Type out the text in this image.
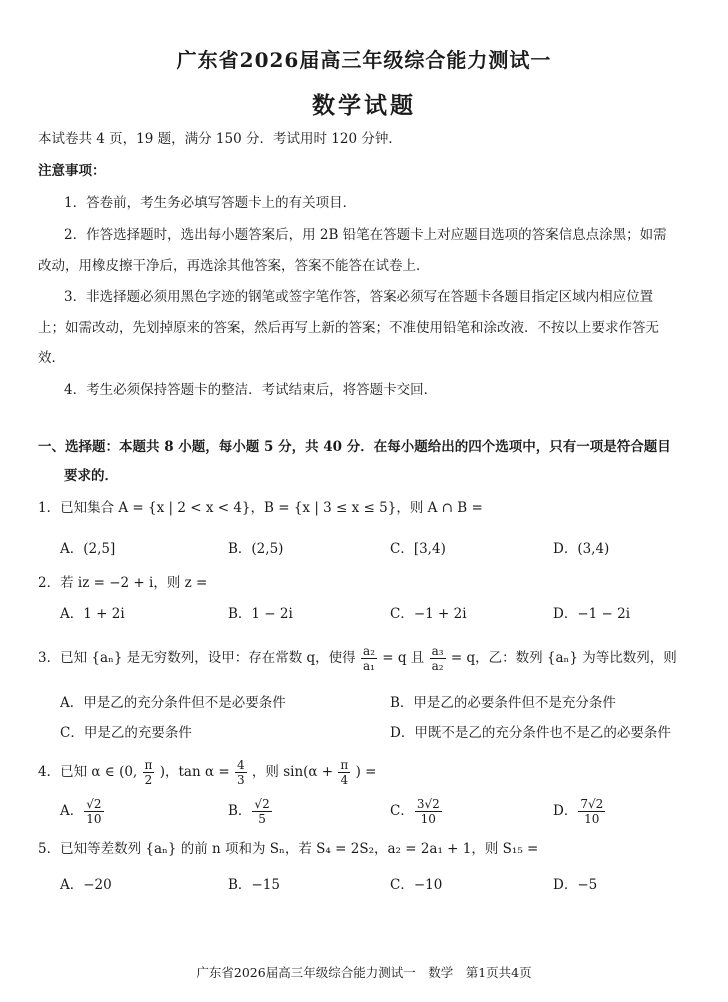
广东省2026届高三年级综合能力测试一
数学试题
本试卷共 4 页，19 题，满分 150 分．考试用时 120 分钟．
注意事项：
1．答卷前，考生务必填写答题卡上的有关项目．
2．作答选择题时，选出每小题答案后，用 2B 铅笔在答题卡上对应题目选项的答案信息点涂黑；如需
改动，用橡皮擦干净后，再选涂其他答案，答案不能答在试卷上．
3．非选择题必须用黑色字迹的钢笔或签字笔作答，答案必须写在答题卡各题目指定区域内相应位置
上；如需改动，先划掉原来的答案，然后再写上新的答案；不准使用铅笔和涂改液．不按以上要求作答无
效．
4．考生必须保持答题卡的整洁．考试结束后，将答题卡交回．
一、选择题：本题共 8 小题，每小题 5 分，共 40 分．在每小题给出的四个选项中，只有一项是符合题目
要求的．
1．已知集合 A = {x | 2 < x < 4}，B = {x | 3 ≤ x ≤ 5}，则 A ∩ B =
A．(2,5]	B．(2,5)	C．[3,4)	D．(3,4)
2．若 iz = −2 + i，则 z =
A．1 + 2i	B．1 − 2i	C．−1 + 2i	D．−1 − 2i
3．已知 {aₙ} 是无穷数列，设甲：存在常数 q，使得 $\frac{\text{a₂}}{\text{a₁}} = q$ 且 $\frac{\text{a₃}}{\text{a₂}} = q$，乙：数列 {aₙ} 为等比数列，则
A．甲是乙的充分条件但不是必要条件	B．甲是乙的必要条件但不是充分条件
C．甲是乙的充要条件	D．甲既不是乙的充分条件也不是乙的必要条件
4．已知 α ∈ (0, $\frac{\pi}{2}$ )，$\tan \alpha = \frac{4}{3}$ ，则 $\sin(\alpha + \frac{\pi}{4}$ ) =
A． $\frac{√2}{10}$	B． $\frac{√2}{5}$	C． $\frac{3√2}{10}$	D． $\frac{7√2}{10}$
5．已知等差数列 {aₙ} 的前 n 项和为 Sₙ，若 S₄ = 2S₂，a₂ = 2a₁ + 1，则 S₁₅ =
A．−20	B．−15	C．−10	D．−5
广东省2026届高三年级综合能力测试一　数学　第1页共4页
